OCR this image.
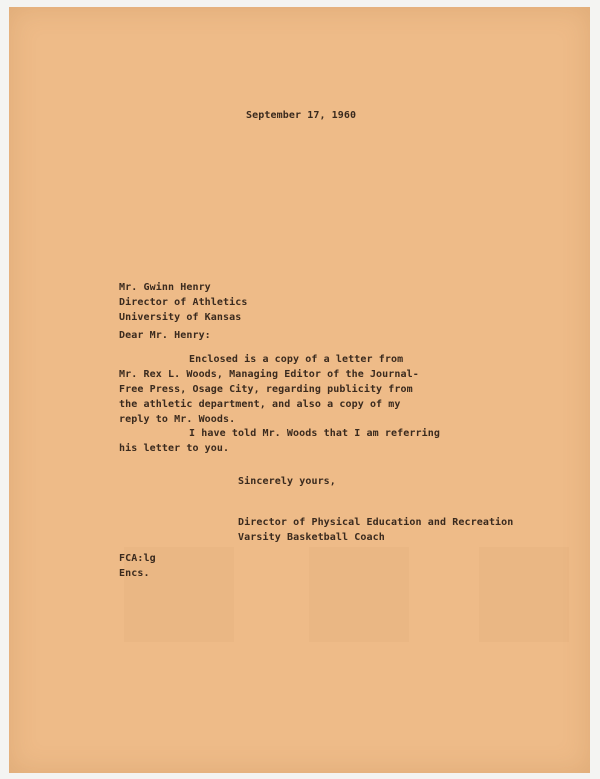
September 17, 1960
Mr. Gwinn Henry
Director of Athletics
University of Kansas
Dear Mr. Henry:
Enclosed is a copy of a letter from
Mr. Rex L. Woods, Managing Editor of the Journal-
Free Press, Osage City, regarding publicity from
the athletic department, and also a copy of my
reply to Mr. Woods.
I have told Mr. Woods that I am referring
his letter to you.
Sincerely yours,
Director of Physical Education and Recreation
Varsity Basketball Coach
FCA:lg
Encs.
